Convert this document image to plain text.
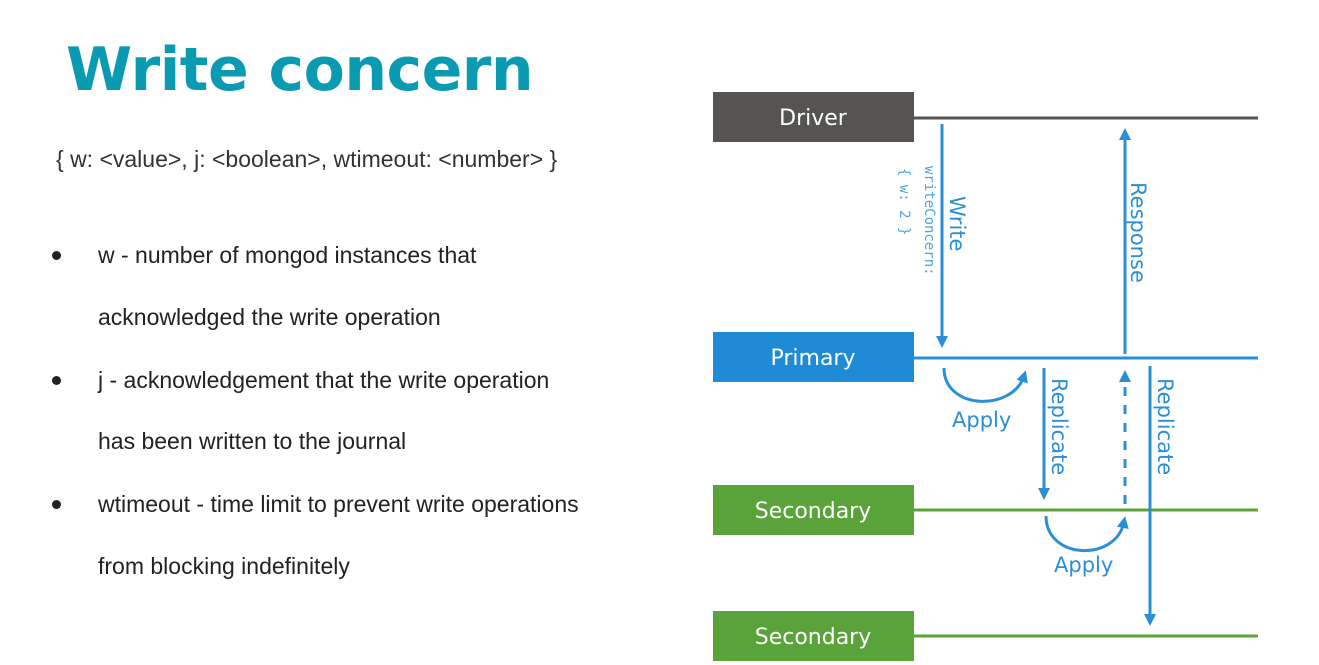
Write concern
{ w: <value>, j: <boolean>, wtimeout: <number> }
w - number of mongod instances that
acknowledged the write operation
j - acknowledgement that the write operation
has been written to the journal
wtimeout - time limit to prevent write operations
from blocking indefinitely
Driver
Primary
Secondary
Secondary
Write
writeConcern:
{ w: 2 }	Response
Apply Replicate
Apply
Replicate
